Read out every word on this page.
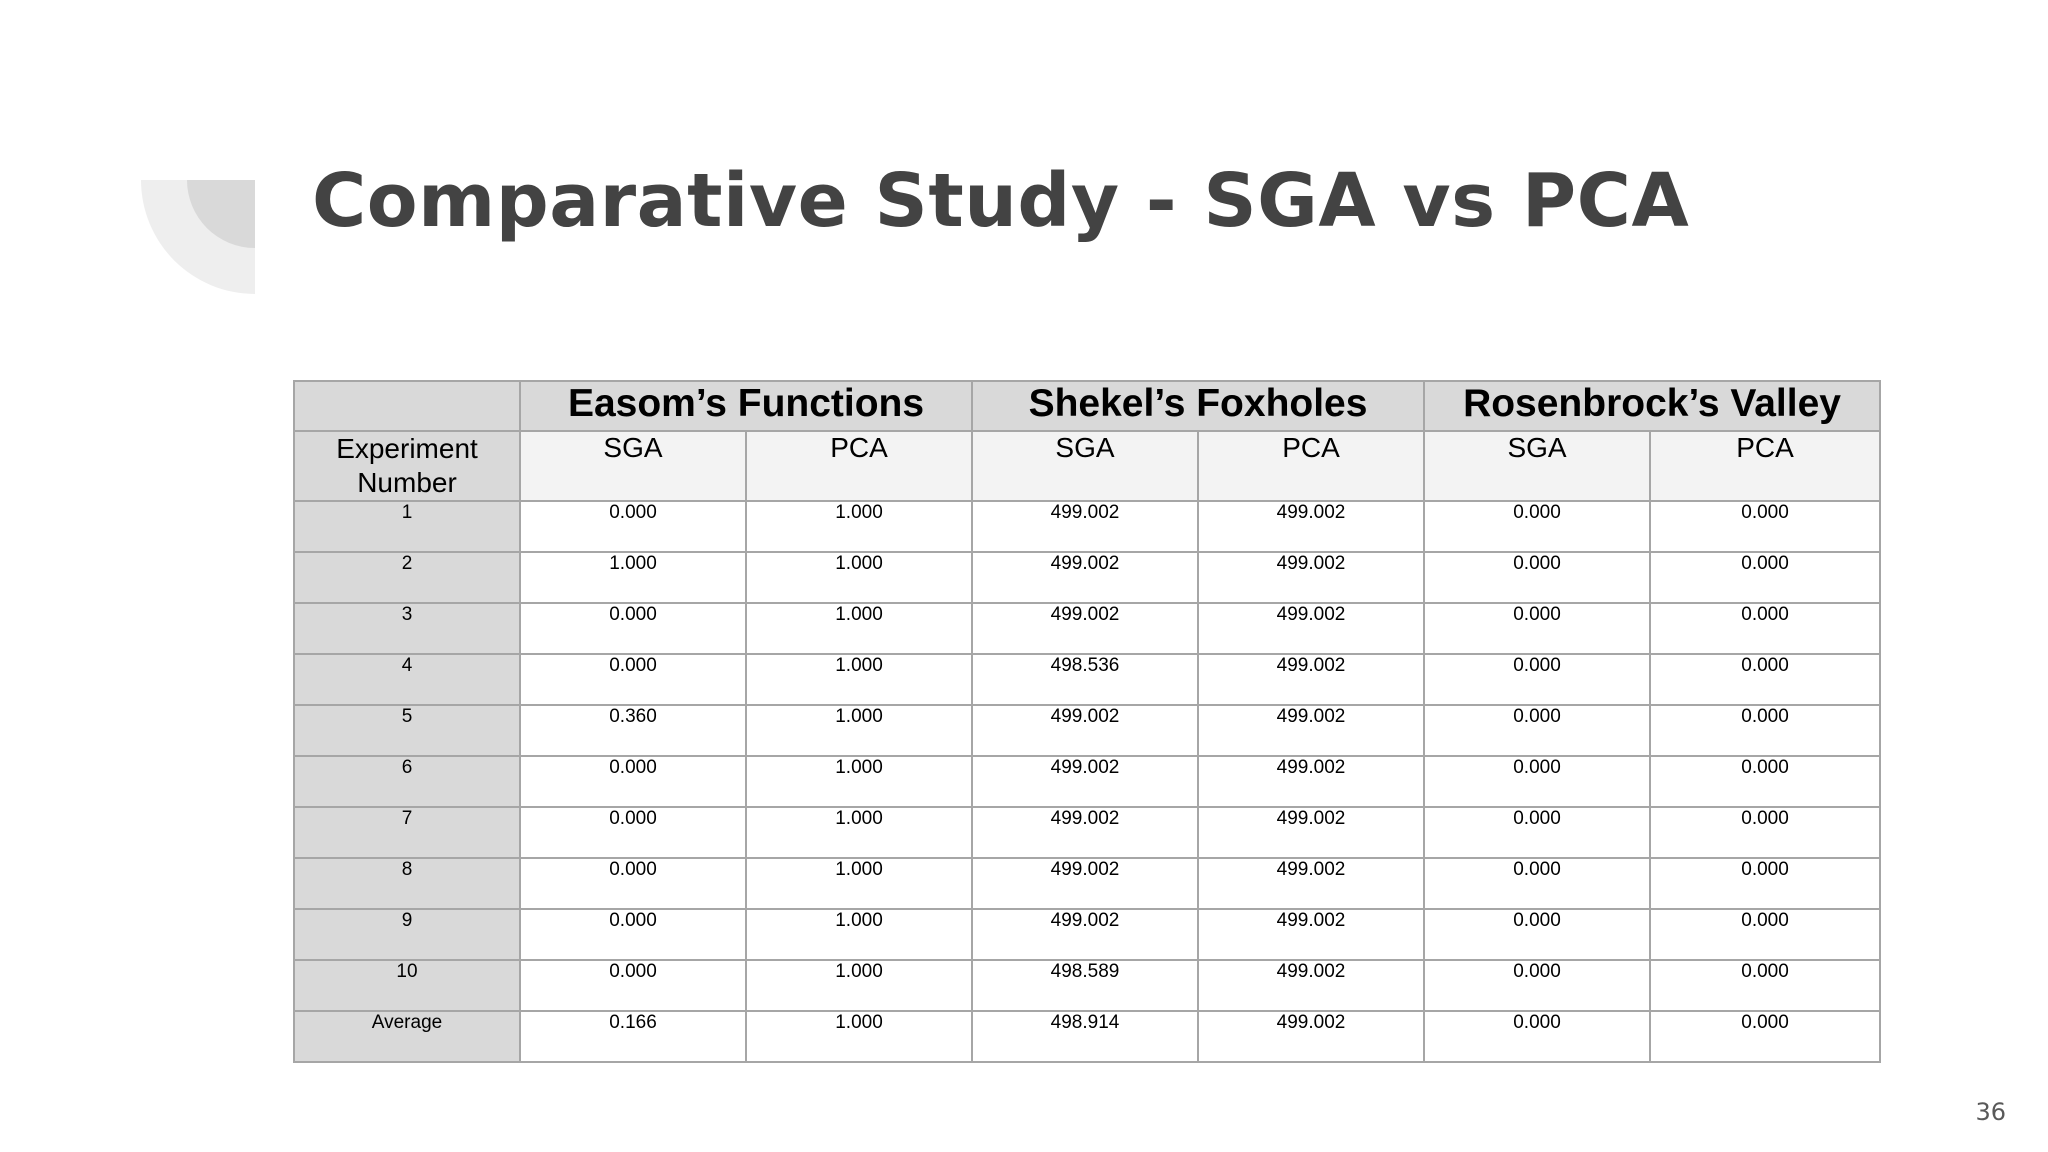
Comparative Study - SGA vs PCA
	Easom’s Functions		Shekel’s Foxholes		Rosenbrock’s Valley	
Experiment Number	SGA	PCA	SGA	PCA	SGA	PCA
1	0.000	1.000	499.002	499.002	0.000	0.000
2	1.000	1.000	499.002	499.002	0.000	0.000
3	0.000	1.000	499.002	499.002	0.000	0.000
4	0.000	1.000	498.536	499.002	0.000	0.000
5	0.360	1.000	499.002	499.002	0.000	0.000
6	0.000	1.000	499.002	499.002	0.000	0.000
7	0.000	1.000	499.002	499.002	0.000	0.000
8	0.000	1.000	499.002	499.002	0.000	0.000
9	0.000	1.000	499.002	499.002	0.000	0.000
10	0.000	1.000	498.589	499.002	0.000	0.000
Average	0.166	1.000	498.914	499.002	0.000	0.000
36
